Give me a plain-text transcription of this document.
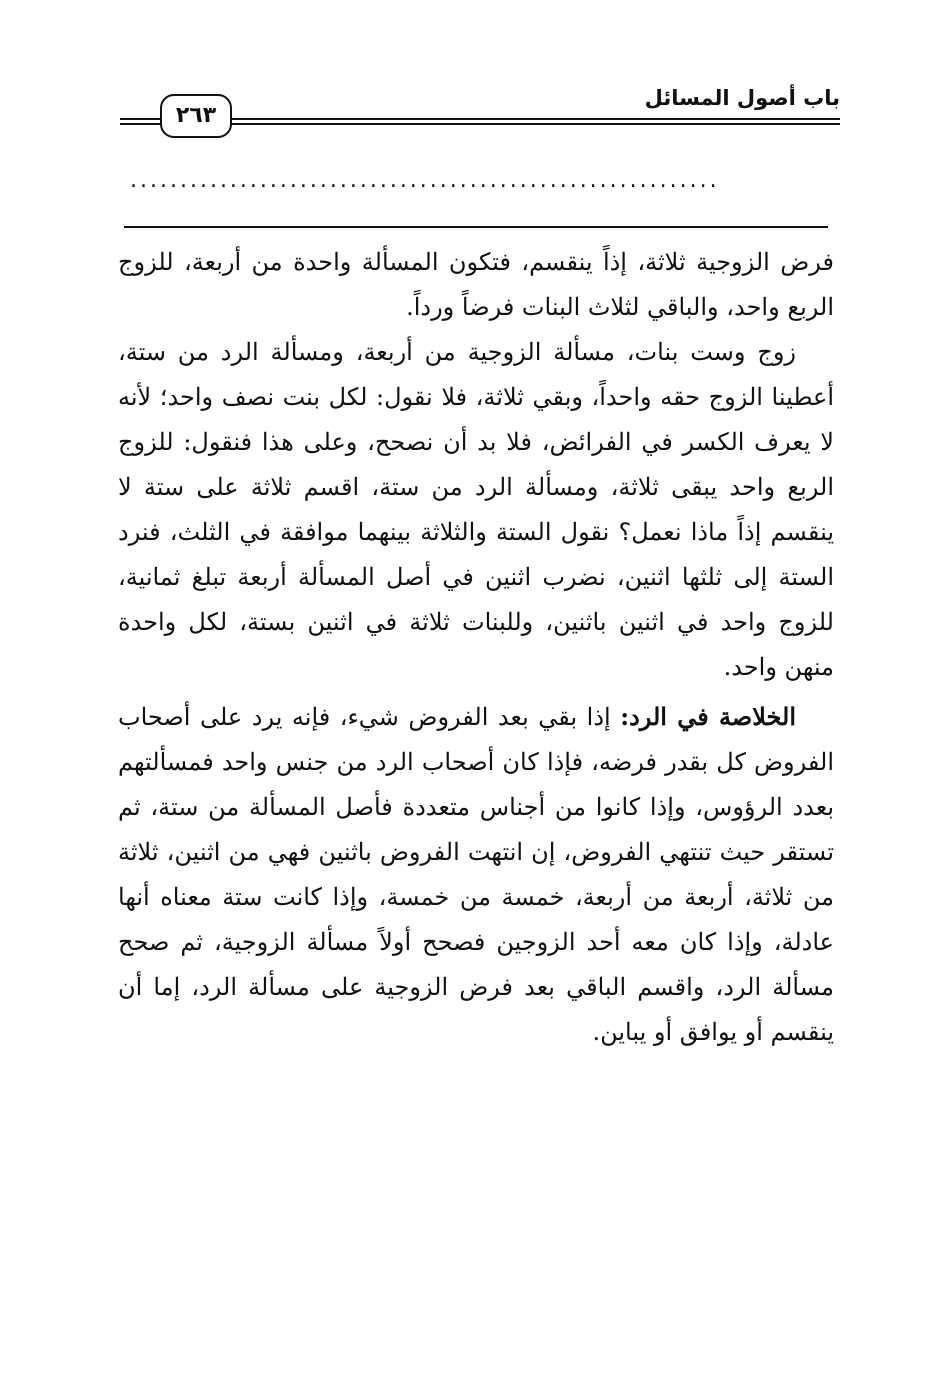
٢٦٣
باب أصول المسائل
...........................................................

فرض الزوجية ثلاثة، إذاً ينقسم، فتكون المسألة واحدة من أربعة، للزوج الربع واحد، والباقي لثلاث البنات فرضاً ورداً.

زوج وست بنات، مسألة الزوجية من أربعة، ومسألة الرد من ستة، أعطينا الزوج حقه واحداً، وبقي ثلاثة، فلا نقول: لكل بنت نصف واحد؛ لأنه لا يعرف الكسر في الفرائض، فلا بد أن نصحح، وعلى هذا فنقول: للزوج الربع واحد يبقى ثلاثة، ومسألة الرد من ستة، اقسم ثلاثة على ستة لا ينقسم إذاً ماذا نعمل؟ نقول الستة والثلاثة بينهما موافقة في الثلث، فنرد الستة إلى ثلثها اثنين، نضرب اثنين في أصل المسألة أربعة تبلغ ثمانية، للزوج واحد في اثنين باثنين، وللبنات ثلاثة في اثنين بستة، لكل واحدة منهن واحد.

الخلاصة في الرد: إذا بقي بعد الفروض شيء، فإنه يرد على أصحاب الفروض كل بقدر فرضه، فإذا كان أصحاب الرد من جنس واحد فمسألتهم بعدد الرؤوس، وإذا كانوا من أجناس متعددة فأصل المسألة من ستة، ثم تستقر حيث تنتهي الفروض، إن انتهت الفروض باثنين فهي من اثنين، ثلاثة من ثلاثة، أربعة من أربعة، خمسة من خمسة، وإذا كانت ستة معناه أنها عادلة، وإذا كان معه أحد الزوجين فصحح أولاً مسألة الزوجية، ثم صحح مسألة الرد، واقسم الباقي بعد فرض الزوجية على مسألة الرد، إما أن ينقسم أو يوافق أو يباين.
